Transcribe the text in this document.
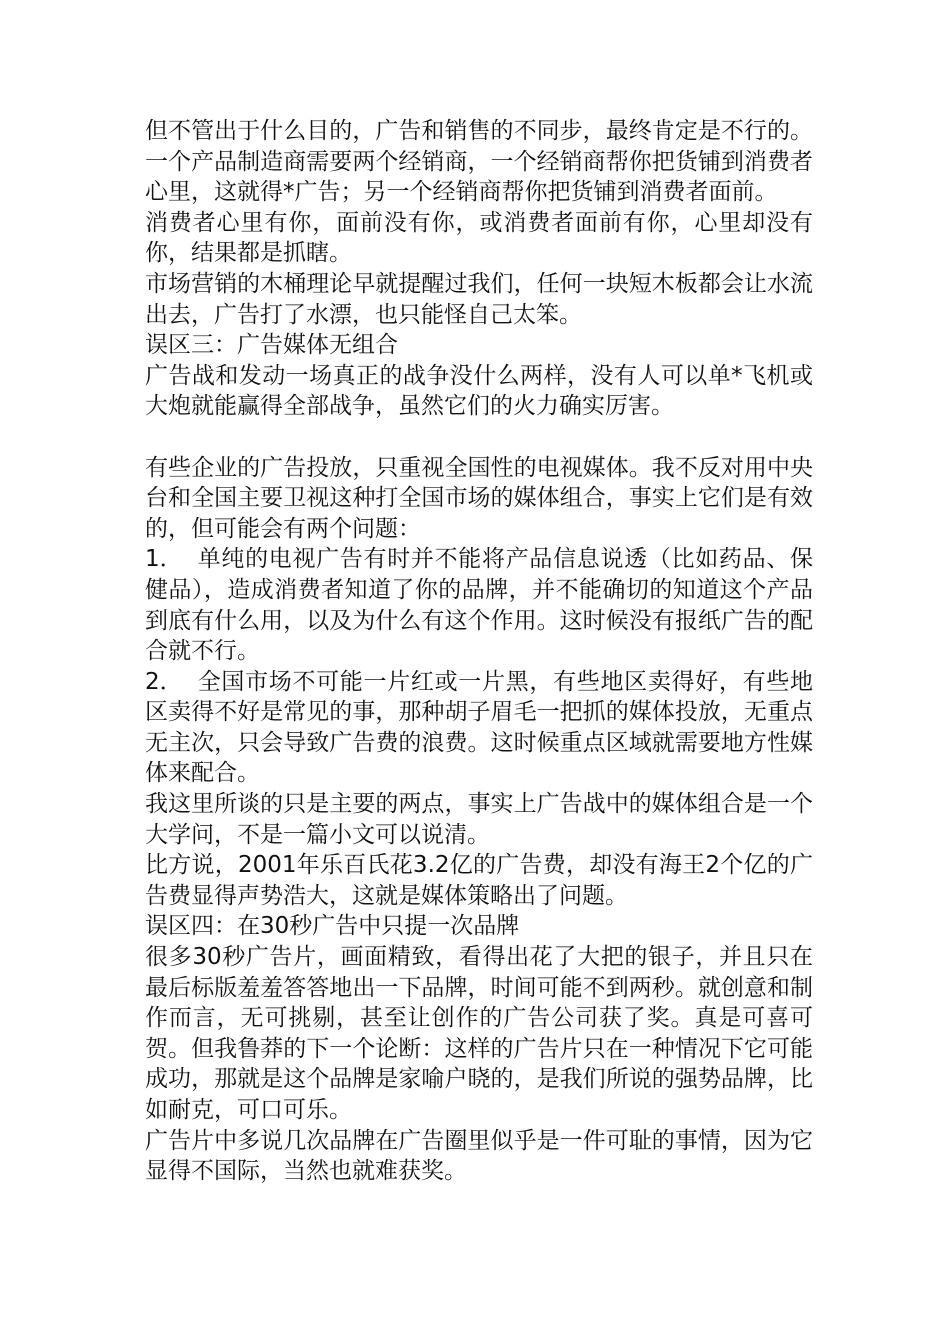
但不管出于什么目的，广告和销售的不同步，最终肯定是不行的。一个产品制造商需要两个经销商，一个经销商帮你把货铺到消费者心里，这就得*广告；另一个经销商帮你把货铺到消费者面前。

消费者心里有你，面前没有你，或消费者面前有你，心里却没有你，结果都是抓瞎。

市场营销的木桶理论早就提醒过我们，任何一块短木板都会让水流出去，广告打了水漂，也只能怪自己太笨。

误区三：广告媒体无组合

广告战和发动一场真正的战争没什么两样，没有人可以单*飞机或大炮就能赢得全部战争，虽然它们的火力确实厉害。

有些企业的广告投放，只重视全国性的电视媒体。我不反对用中央台和全国主要卫视这种打全国市场的媒体组合，事实上它们是有效的，但可能会有两个问题：

1． 单纯的电视广告有时并不能将产品信息说透（比如药品、保健品），造成消费者知道了你的品牌，并不能确切的知道这个产品到底有什么用，以及为什么有这个作用。这时候没有报纸广告的配合就不行。

2． 全国市场不可能一片红或一片黑，有些地区卖得好，有些地区卖得不好是常见的事，那种胡子眉毛一把抓的媒体投放，无重点无主次，只会导致广告费的浪费。这时候重点区域就需要地方性媒体来配合。

我这里所谈的只是主要的两点，事实上广告战中的媒体组合是一个大学问，不是一篇小文可以说清。

比方说，2001年乐百氏花3.2亿的广告费，却没有海王2个亿的广告费显得声势浩大，这就是媒体策略出了问题。

误区四：在30秒广告中只提一次品牌

很多30秒广告片，画面精致，看得出花了大把的银子，并且只在最后标版羞羞答答地出一下品牌，时间可能不到两秒。就创意和制作而言，无可挑剔，甚至让创作的广告公司获了奖。真是可喜可贺。但我鲁莽的下一个论断：这样的广告片只在一种情况下它可能成功，那就是这个品牌是家喻户晓的，是我们所说的强势品牌，比如耐克，可口可乐。

广告片中多说几次品牌在广告圈里似乎是一件可耻的事情，因为它显得不国际，当然也就难获奖。
